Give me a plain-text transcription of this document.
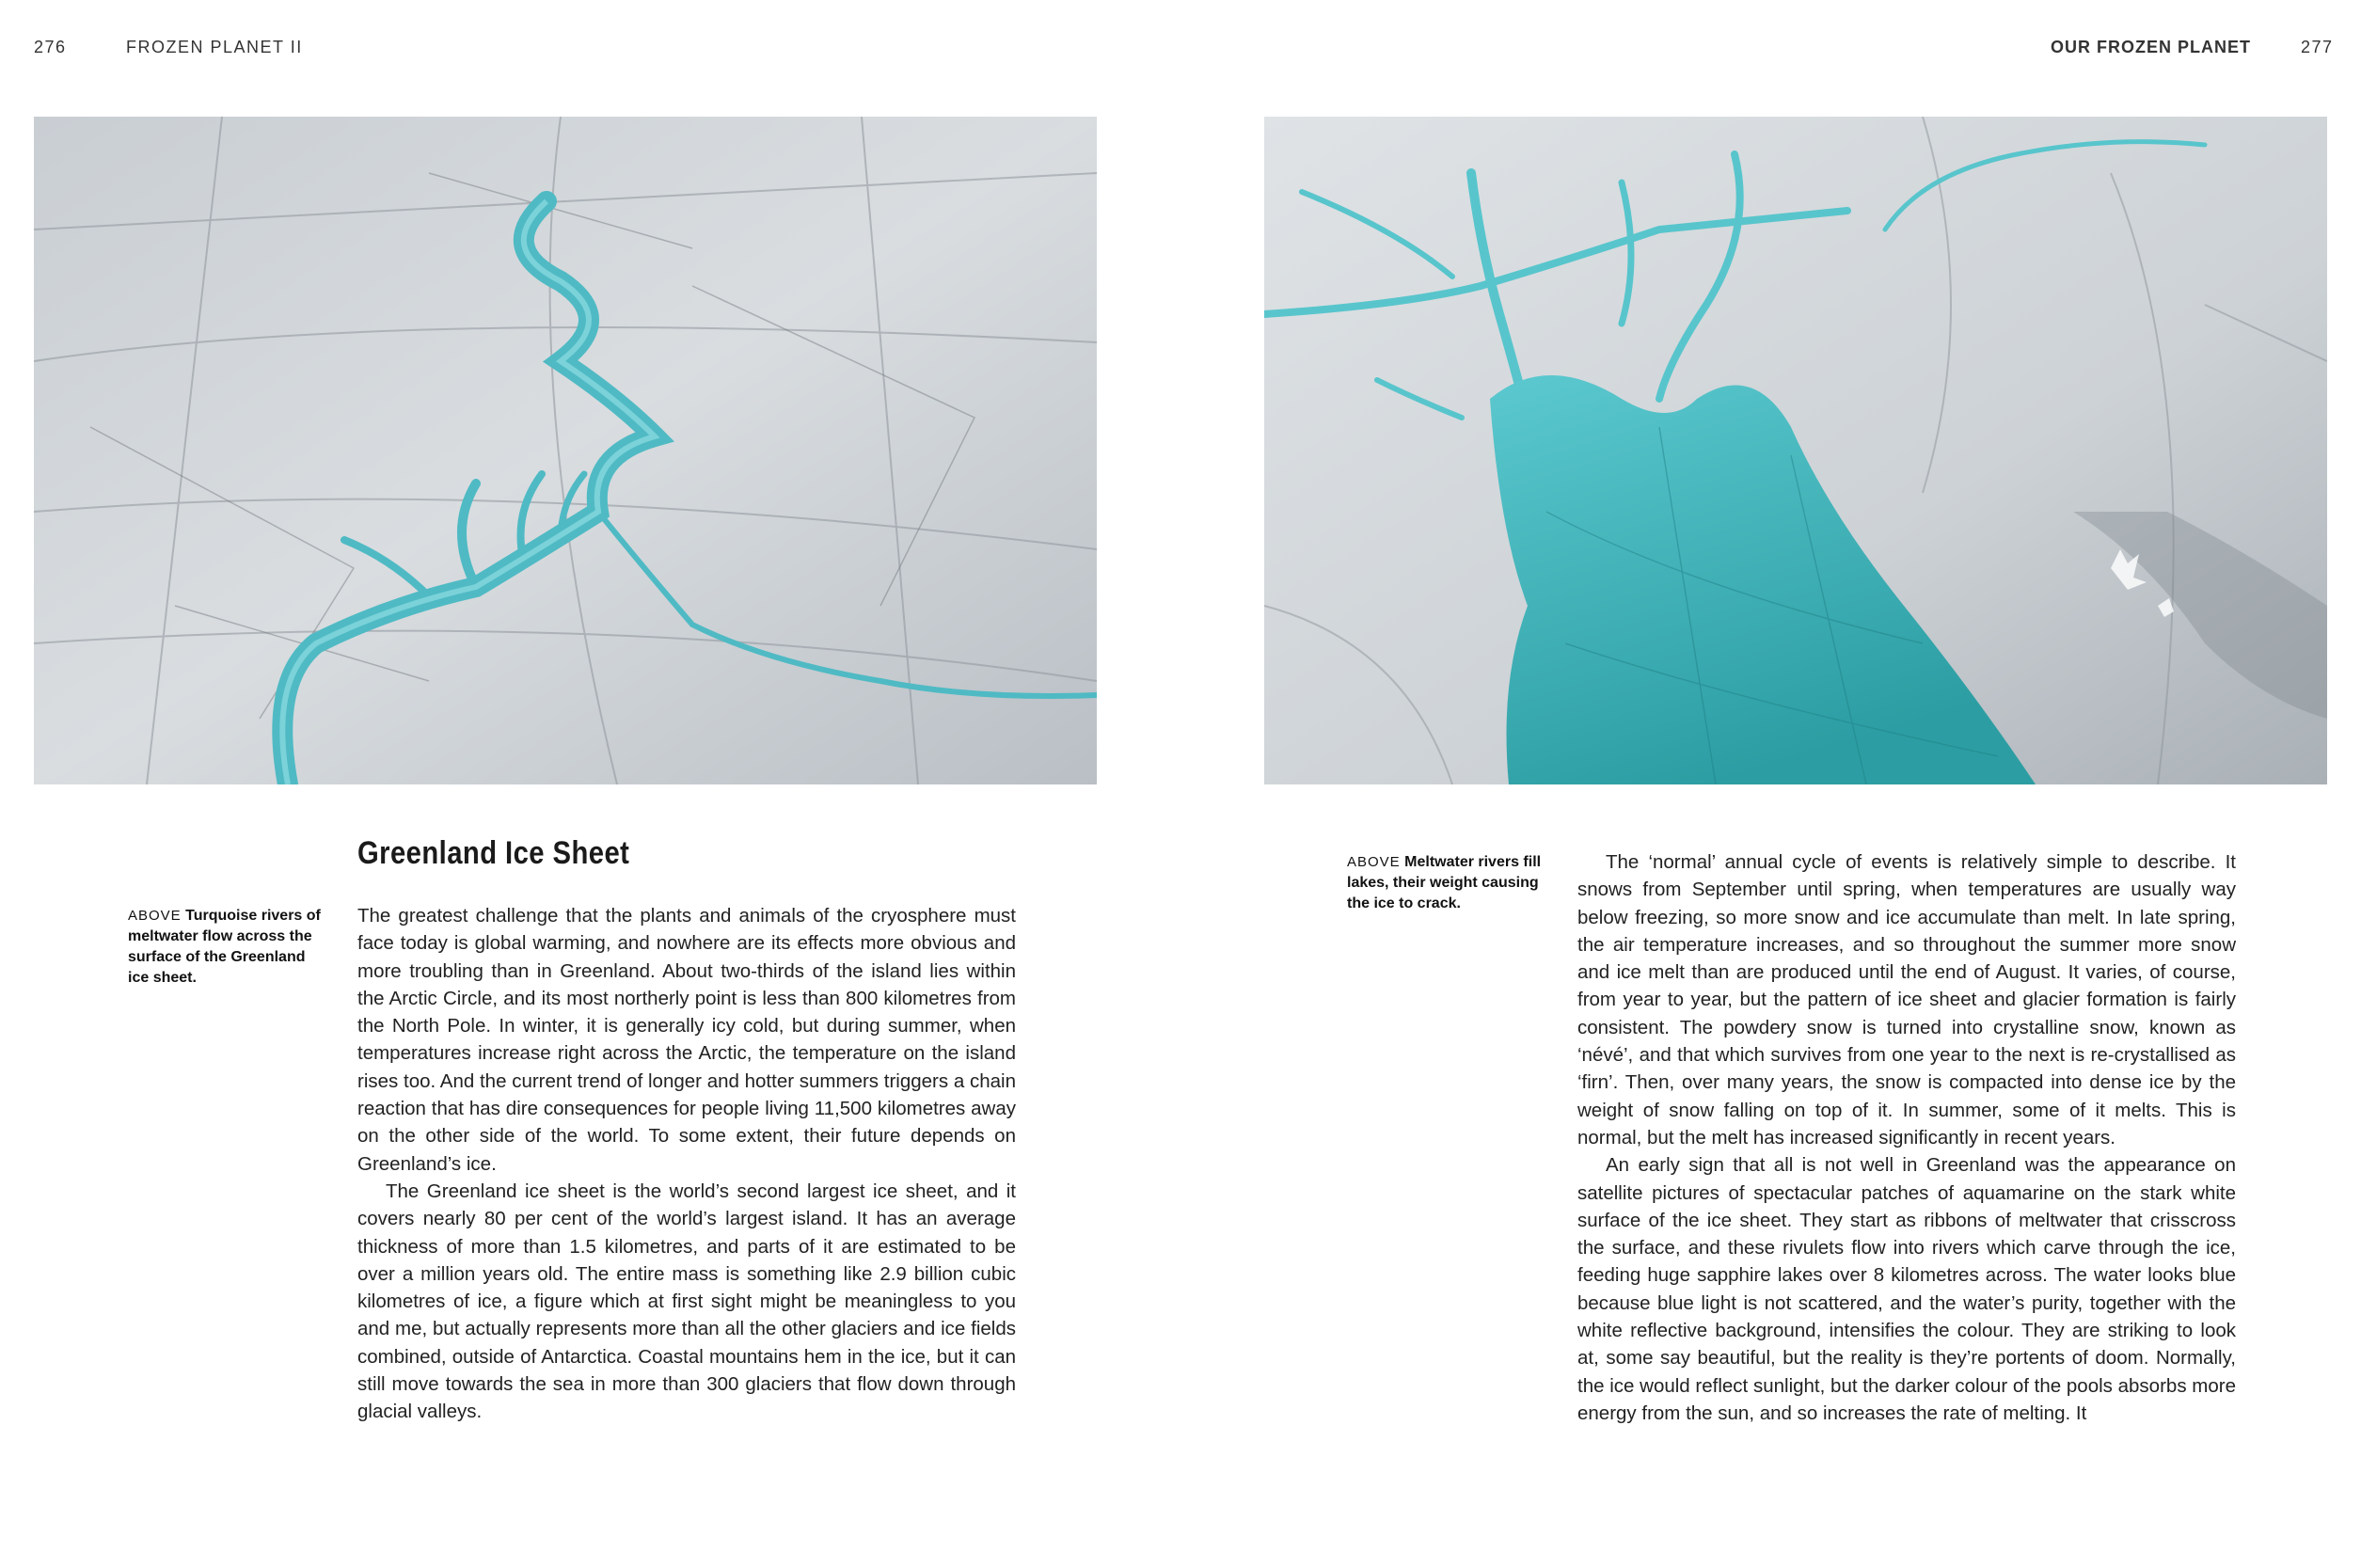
276	FROZEN PLANET II
ABOVE Turquoise rivers of meltwater flow across the surface of the Greenland ice sheet.
Greenland Ice Sheet

The greatest challenge that the plants and animals of the cryosphere must face today is global warming, and nowhere are its effects more obvious and more troubling than in Greenland. About two-thirds of the island lies within the Arctic Circle, and its most northerly point is less than 800 kilometres from the North Pole. In winter, it is generally icy cold, but during summer, when temperatures increase right across the Arctic, the temperature on the island rises too. And the current trend of longer and hotter summers triggers a chain reaction that has dire consequences for people living 11,500 kilometres away on the other side of the world. To some extent, their future depends on Greenland’s ice.

The Greenland ice sheet is the world’s second largest ice sheet, and it covers nearly 80 per cent of the world’s largest island. It has an average thickness of more than 1.5 kilometres, and parts of it are estimated to be over a million years old. The entire mass is something like 2.9 billion cubic kilometres of ice, a figure which at first sight might be meaningless to you and me, but actually represents more than all the other glaciers and ice fields combined, outside of Antarctica. Coastal mountains hem in the ice, but it can still move towards the sea in more than 300 glaciers that flow down through glacial valleys.

OUR FROZEN PLANET	277
ABOVE Meltwater rivers fill lakes, their weight causing the ice to crack.

The ‘normal’ annual cycle of events is relatively simple to describe. It snows from September until spring, when temperatures are usually way below freezing, so more snow and ice accumulate than melt. In late spring, the air temperature increases, and so throughout the summer more snow and ice melt than are produced until the end of August. It varies, of course, from year to year, but the pattern of ice sheet and glacier formation is fairly consistent. The powdery snow is turned into crystalline snow, known as ‘névé’, and that which survives from one year to the next is re-crystallised as ‘firn’. Then, over many years, the snow is compacted into dense ice by the weight of snow falling on top of it. In summer, some of it melts. This is normal, but the melt has increased significantly in recent years.

An early sign that all is not well in Greenland was the appearance on satellite pictures of spectacular patches of aquamarine on the stark white surface of the ice sheet. They start as ribbons of meltwater that crisscross the surface, and these rivulets flow into rivers which carve through the ice, feeding huge sapphire lakes over 8 kilometres across. The water looks blue because blue light is not scattered, and the water’s purity, together with the white reflective background, intensifies the colour. They are striking to look at, some say beautiful, but the reality is they’re portents of doom. Normally, the ice would reflect sunlight, but the darker colour of the pools absorbs more energy from the sun, and so increases the rate of melting. It
